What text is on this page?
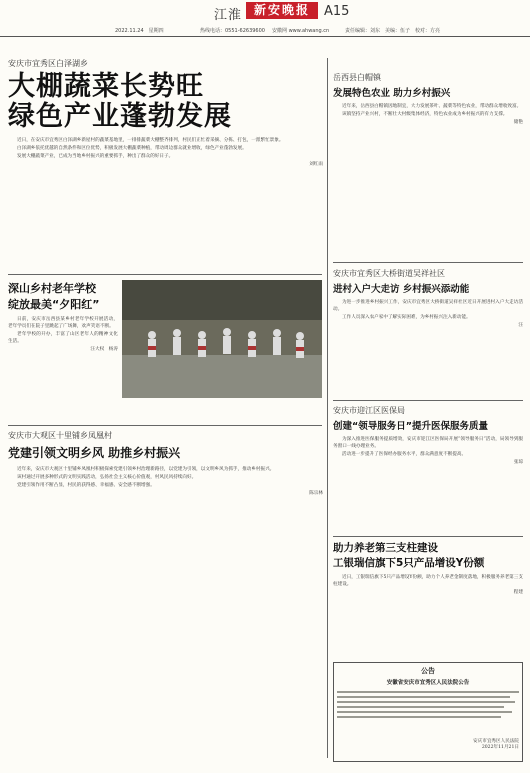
江淮 新安晚报	A15
2022.11.24　星期四	热线电话：0551-62639600 安徽网 www.ahwang.cn	责任编辑：刘东　美编：伍子　校对：方亮
安庆市宜秀区白泽湖乡
大棚蔬菜长势旺
绿色产业蓬勃发展

近日，在安庆市宜秀区白泽湖乡新屋村的蔬菜基地里，一排排蔬菜大棚整齐排列，村民们正忙着采摘、分拣、打包，一派繁忙景象。

白泽湖乡依托优越的自然条件和区位优势，积极发展大棚蔬菜种植，带动周边群众就业增收，绿色产业蓬勃发展。

发展大棚蔬菜产业，已成为当地乡村振兴的重要抓手，种出了群众的好日子。

刘红雨
深山乡村老年学校
绽放最美“夕阳红”

日前，安庆市岳西县某乡村老年学校开展活动，老年学员们在院子里跳起了广场舞，欢声笑语不断。

老年学校的开办，丰富了山区老年人的精神文化生活。

汪大权　杨涛
安庆市大观区十里铺乡凤凰村
党建引领文明乡风 助推乡村振兴

近年来，安庆市大观区十里铺乡凤凰村积极探索党建引领乡村治理新路径，以党建为引领，以文明乡风为抓手，推动乡村振兴。

该村通过开展多种形式的文明实践活动，弘扬社会主义核心价值观，村风民风持续向好。

党建引领作用不断凸显，村民的获得感、幸福感、安全感不断增强。

陈宗林
岳西县白帽镇
发展特色农业 助力乡村振兴

近年来，岳西县白帽镇因地制宜，大力发展茶叶、蔬菜等特色农业，带动群众增收致富。

该镇坚持产业兴村，不断壮大村级集体经济，特色农业成为乡村振兴的有力支撑。

储艳
安庆市宜秀区大桥街道吴祥社区
进村入户大走访 乡村振兴添动能

为进一步推进乡村振兴工作，安庆市宜秀区大桥街道吴祥社区近日开展进村入户大走访活动。

工作人员深入农户家中了解实际困难，为乡村振兴注入新动能。

汪
安庆市迎江区医保局
创建“领导服务日”提升医保服务质量

为深入推进医保服务提质增效，安庆市迎江区医保局开展“领导服务日”活动，局领导到服务窗口一线办理业务。

活动进一步提升了医保经办服务水平，群众满意度不断提高。

张琼
助力养老第三支柱建设
工银瑞信旗下5只产品增设Y份额

近日，工银瑞信旗下5只产品增设Y份额，助力个人养老金制度落地，积极服务养老第三支柱建设。

程建
公告
安徽省安庆市宜秀区人民法院公告
安庆市宜秀区人民法院
2022年11月21日
